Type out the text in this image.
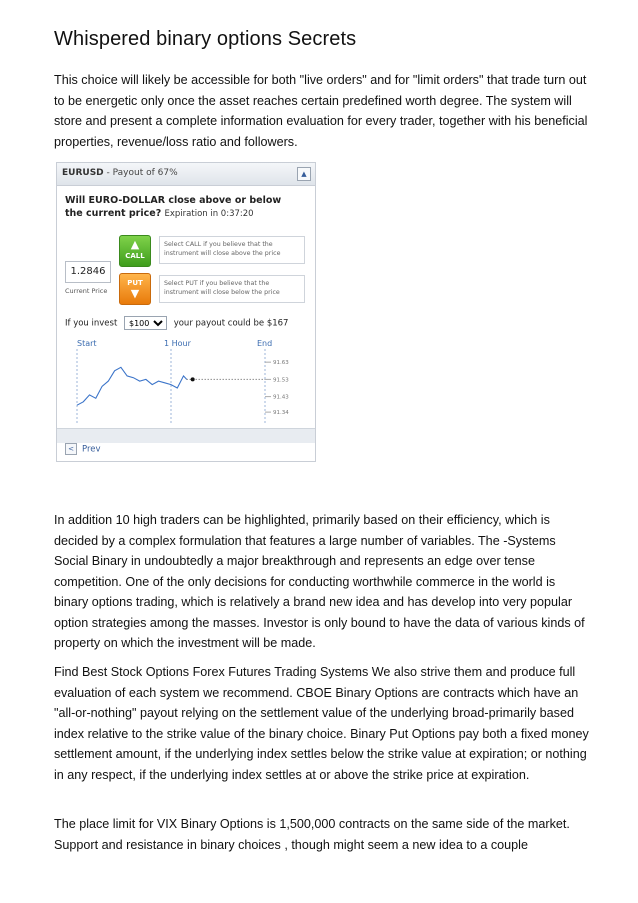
Whispered binary options Secrets

This choice will likely be accessible for both "live orders" and for "limit orders" that trade turn out to be energetic only once the asset reaches certain predefined worth degree. The system will store and present a complete information evaluation for every trader, together with his beneficial properties, revenue/loss ratio and followers.

EURUSD - Payout of 67%	▲
Will EURO-DOLLAR close above or below the current price? Expiration in 0:37:20
1.2846
Current Price
▲
CALL
Select CALL if you believe that the instrument will close above the price
PUT
▼
Select PUT if you believe that the instrument will close below the price
If you invest
$100	your payout could be $167
Start	1 Hour	End
91.63
91.53
91.43
91.34
< Prev

In addition 10 high traders can be highlighted, primarily based on their efficiency, which is decided by a complex formulation that features a large number of variables. The -Systems Social Binary in undoubtedly a major breakthrough and represents an edge over tense competition. One of the only decisions for conducting worthwhile commerce in the world is binary options trading, which is relatively a brand new idea and has develop into very popular option strategies among the masses. Investor is only bound to have the data of various kinds of property on which the investment will be made.

Find Best Stock Options Forex Futures Trading Systems We also strive them and produce full evaluation of each system we recommend. CBOE Binary Options are contracts which have an "all-or-nothing" payout relying on the settlement value of the underlying broad-primarily based index relative to the strike value of the binary choice. Binary Put Options pay both a fixed money settlement amount, if the underlying index settles below the strike value at expiration; or nothing in any respect, if the underlying index settles at or above the strike price at expiration.

The place limit for VIX Binary Options is 1,500,000 contracts on the same side of the market. Support and resistance in binary choices , though might seem a new idea to a couple
